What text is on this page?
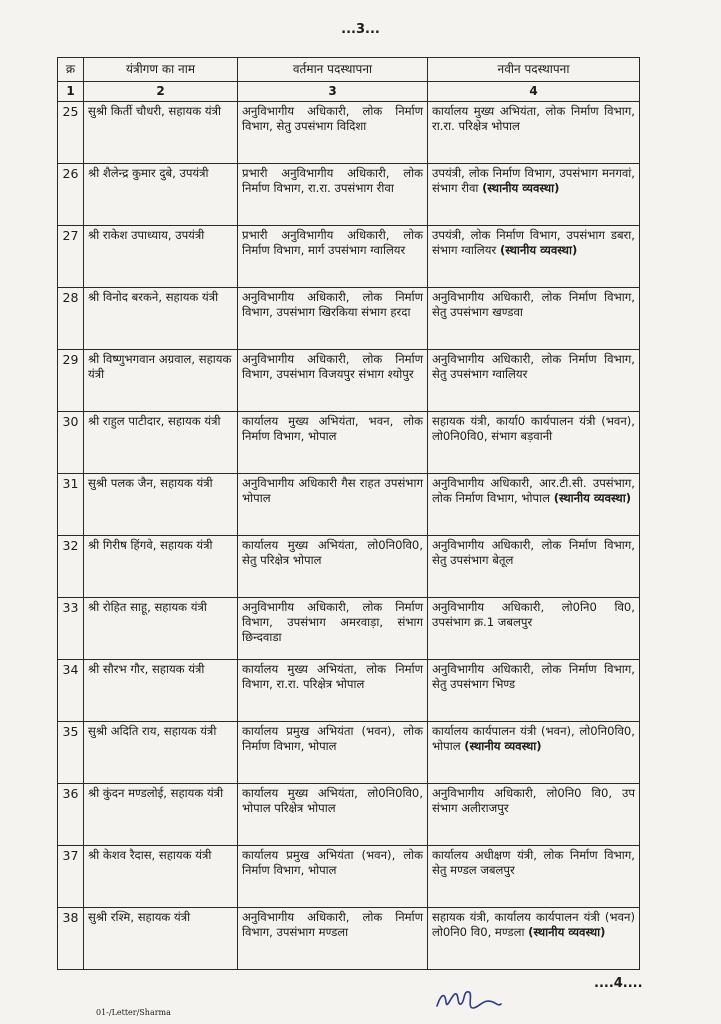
...3...
क्र	यंत्रीगण का नाम	वर्तमान पदस्थापना	नवीन पदस्थापना
1	2	3	4
25	सुश्री किर्ती चौधरी, सहायक यंत्री	अनुविभागीय अधिकारी, लोक निर्माण विभाग, सेतु उपसंभाग विदिशा	कार्यालय मुख्य अभियंता, लोक निर्माण विभाग, रा.रा. परिक्षेत्र भोपाल
26	श्री शैलेन्द्र कुमार दुबे, उपयंत्री	प्रभारी अनुविभागीय अधिकारी, लोक निर्माण विभाग, रा.रा. उपसंभाग रीवा	उपयंत्री, लोक निर्माण विभाग, उपसंभाग मनगवां, संभाग रीवा (स्थानीय व्यवस्था)
27	श्री राकेश उपाध्याय, उपयंत्री	प्रभारी अनुविभागीय अधिकारी, लोक निर्माण विभाग, मार्ग उपसंभाग ग्वालियर	उपयंत्री, लोक निर्माण विभाग, उपसंभाग डबरा, संभाग ग्वालियर (स्थानीय व्यवस्था)
28	श्री विनोद बरकने, सहायक यंत्री	अनुविभागीय अधिकारी, लोक निर्माण विभाग, उपसंभाग खिरकिया संभाग हरदा	अनुविभागीय अधिकारी, लोक निर्माण विभाग, सेतु उपसंभाग खण्डवा
29	श्री विष्णुभगवान अग्रवाल, सहायक यंत्री	अनुविभागीय अधिकारी, लोक निर्माण विभाग, उपसंभाग विजयपुर संभाग श्योपुर	अनुविभागीय अधिकारी, लोक निर्माण विभाग, सेतु उपसंभाग ग्वालियर
30	श्री राहुल पाटीदार, सहायक यंत्री	कार्यालय मुख्य अभियंता, भवन, लोक निर्माण विभाग, भोपाल	सहायक यंत्री, कार्या0 कार्यपालन यंत्री (भवन), लो0नि0वि0, संभाग बड़वानी
31	सुश्री पलक जैन, सहायक यंत्री	अनुविभागीय अधिकारी गैस राहत उपसंभाग भोपाल	अनुविभागीय अधिकारी, आर.टी.सी. उपसंभाग, लोक निर्माण विभाग, भोपाल (स्थानीय व्यवस्था)
32	श्री गिरीष हिंगवे, सहायक यंत्री	कार्यालय मुख्य अभियंता, लो0नि0वि0, सेतु परिक्षेत्र भोपाल	अनुविभागीय अधिकारी, लोक निर्माण विभाग, सेतु उपसंभाग बेतूल
33	श्री रोहित साहू, सहायक यंत्री	अनुविभागीय अधिकारी, लोक निर्माण विभाग, उपसंभाग अमरवाड़ा, संभाग छिन्दवाडा	अनुविभागीय अधिकारी, लो0नि0 वि0, उपसंभाग क्र.1 जबलपुर
34	श्री सौरभ गौर, सहायक यंत्री	कार्यालय मुख्य अभियंता, लोक निर्माण विभाग, रा.रा. परिक्षेत्र भोपाल	अनुविभागीय अधिकारी, लोक निर्माण विभाग, सेतु उपसंभाग भिण्ड
35	सुश्री अदिति राय, सहायक यंत्री	कार्यालय प्रमुख अभियंता (भवन), लोक निर्माण विभाग, भोपाल	कार्यालय कार्यपालन यंत्री (भवन), लो0नि0वि0, भोपाल (स्थानीय व्यवस्था)
36	श्री कुंदन मण्डलोई, सहायक यंत्री	कार्यालय मुख्य अभियंता, लो0नि0वि0, भोपाल परिक्षेत्र भोपाल	अनुविभागीय अधिकारी, लो0नि0 वि0, उप संभाग अलीराजपुर
37	श्री केशव रैदास, सहायक यंत्री	कार्यालय प्रमुख अभियंता (भवन), लोक निर्माण विभाग, भोपाल	कार्यालय अधीक्षण यंत्री, लोक निर्माण विभाग, सेतु मण्डल जबलपुर
38	सुश्री रश्मि, सहायक यंत्री	अनुविभागीय अधिकारी, लोक निर्माण विभाग, उपसंभाग मण्डला	सहायक यंत्री, कार्यालय कार्यपालन यंत्री (भवन) लो0नि0 वि0, मण्डला (स्थानीय व्यवस्था)
....4....
01-/Letter/Sharma
